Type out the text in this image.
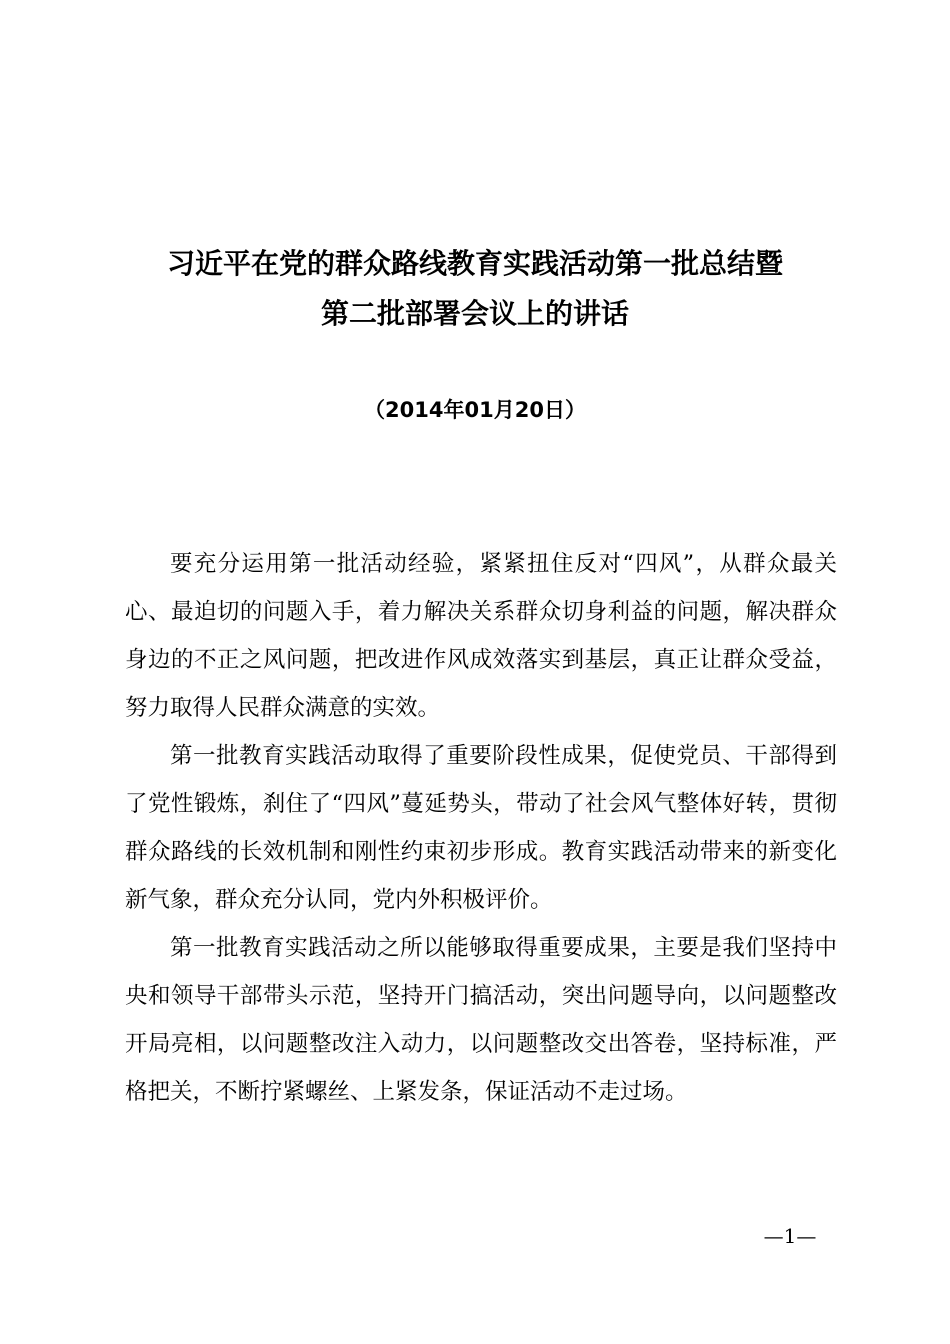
习近平在党的群众路线教育实践活动第一批总结暨
第二批部署会议上的讲话
（2014年01月20日）

要充分运用第一批活动经验，紧紧扭住反对“四风”，从群众最关心、最迫切的问题入手，着力解决关系群众切身利益的问题，解决群众身边的不正之风问题，把改进作风成效落实到基层，真正让群众受益，努力取得人民群众满意的实效。

第一批教育实践活动取得了重要阶段性成果，促使党员、干部得到了党性锻炼，刹住了“四风”蔓延势头，带动了社会风气整体好转，贯彻群众路线的长效机制和刚性约束初步形成。教育实践活动带来的新变化新气象，群众充分认同，党内外积极评价。

第一批教育实践活动之所以能够取得重要成果，主要是我们坚持中央和领导干部带头示范，坚持开门搞活动，突出问题导向，以问题整改开局亮相，以问题整改注入动力，以问题整改交出答卷，坚持标准，严格把关，不断拧紧螺丝、上紧发条，保证活动不走过场。

—1—
